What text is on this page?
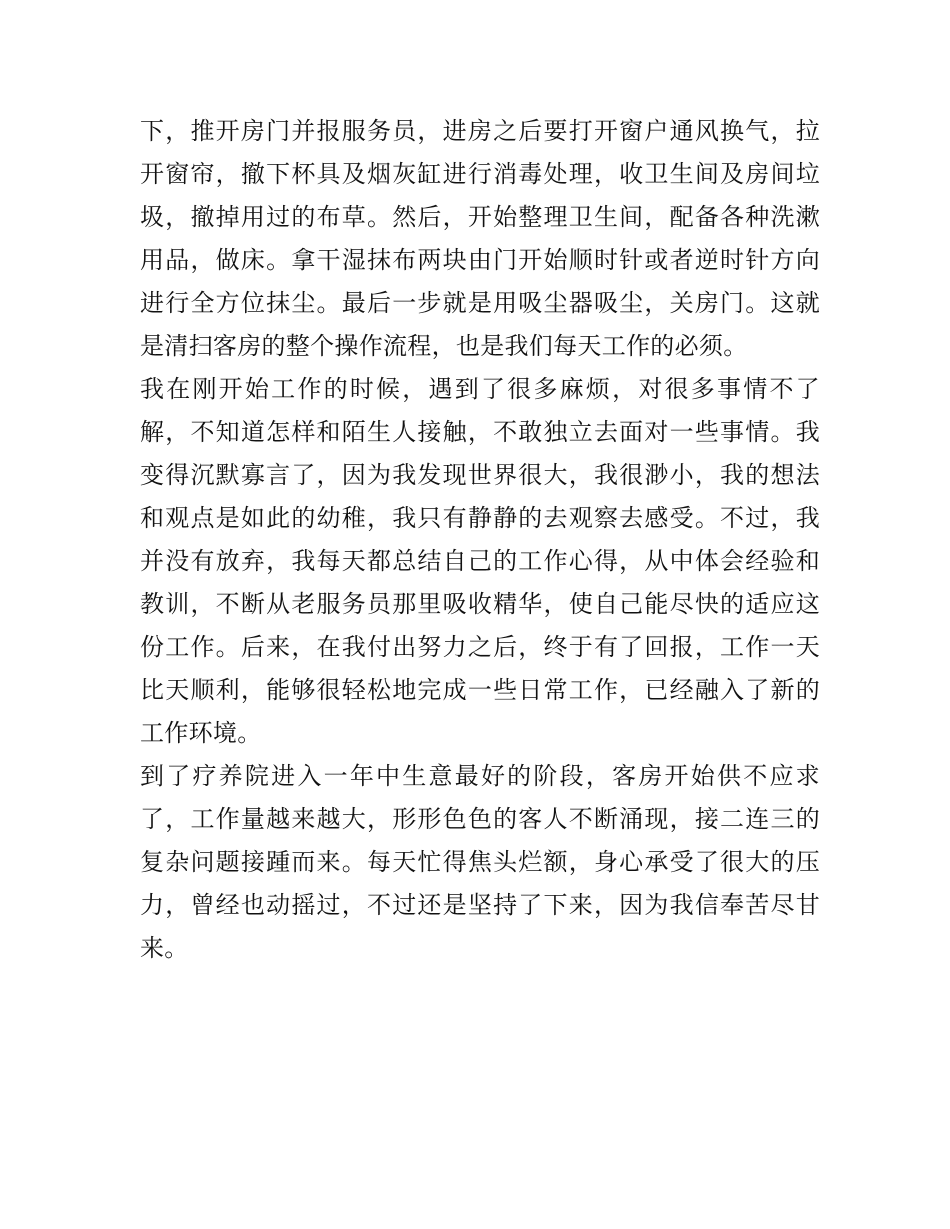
下，推开房门并报服务员，进房之后要打开窗户通风换气，拉
开窗帘，撤下杯具及烟灰缸进行消毒处理，收卫生间及房间垃
圾，撤掉用过的布草。然后，开始整理卫生间，配备各种洗漱
用品，做床。拿干湿抹布两块由门开始顺时针或者逆时针方向
进行全方位抹尘。最后一步就是用吸尘器吸尘，关房门。这就
是清扫客房的整个操作流程，也是我们每天工作的必须。
我在刚开始工作的时候，遇到了很多麻烦，对很多事情不了
解，不知道怎样和陌生人接触，不敢独立去面对一些事情。我
变得沉默寡言了，因为我发现世界很大，我很渺小，我的想法
和观点是如此的幼稚，我只有静静的去观察去感受。不过，我
并没有放弃，我每天都总结自己的工作心得，从中体会经验和
教训，不断从老服务员那里吸收精华，使自己能尽快的适应这
份工作。后来，在我付出努力之后，终于有了回报，工作一天
比天顺利，能够很轻松地完成一些日常工作，已经融入了新的
工作环境。
到了疗养院进入一年中生意最好的阶段，客房开始供不应求
了，工作量越来越大，形形色色的客人不断涌现，接二连三的
复杂问题接踵而来。每天忙得焦头烂额，身心承受了很大的压
力，曾经也动摇过，不过还是坚持了下来，因为我信奉苦尽甘
来。
